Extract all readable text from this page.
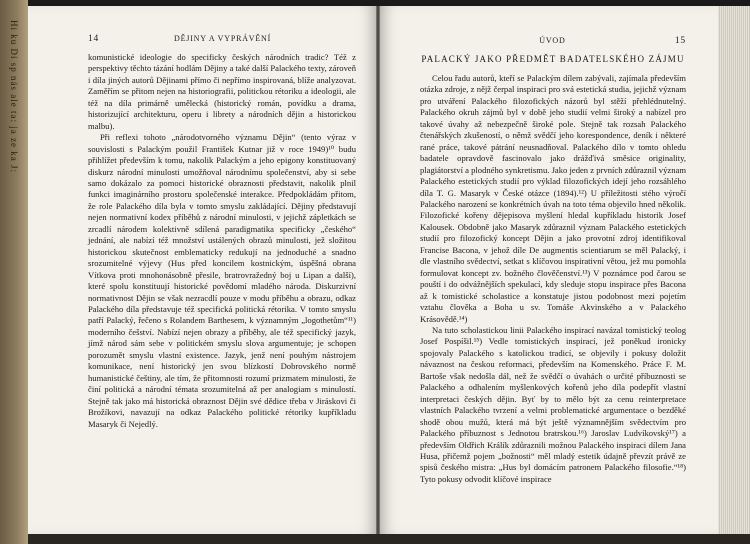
Hi ku Di sp nás ale ta: ja ze ka J:	14	DĚJINY A VYPRÁVĚNÍ

komunistické ideologie do specificky českých národních tradic? Též z perspektivy těchto tázání hodlám Dějiny a také další Palackého texty, zároveň i díla jiných autorů Dějinami přímo či nepřímo inspirovaná, blíže analyzovat. Zaměřím se přitom nejen na historiografii, politickou rétoriku a ideologii, ale též na díla primárně umělecká (historický román, povídku a drama, historizující architekturu, operu i librety a národních dějin a historickou malbu).

Při reflexi tohoto „národotvorného významu Dějin“ (tento výraz v souvislosti s Palackým použil František Kutnar již v roce 1949)¹⁰ budu přihlížet především k tomu, nakolik Palackým a jeho epigony konstituovaný diskurz národní minulosti umožňoval národnímu společenství, aby si sebe samo dokázalo za pomoci historické obraznosti představit, nakolik plnil funkci imaginárního prostoru společenské interakce. Předpokládám přitom, že role Palackého díla byla v tomto smyslu zakládající. Dějiny představují nejen normativní kodex příběhů z národní minulosti, v jejichž zápletkách se zrcadlí národem kolektivně sdílená paradigmatika specificky „českého“ jednání, ale nabízí též množství ustálených obrazů minulosti, jež složitou historickou skutečnost emblematicky redukují na jednoduché a snadno srozumitelné výjevy (Hus před koncilem kostnickým, úspěšná obrana Vítkova proti mnohonásobně přesile, bratrovražedný boj u Lipan a další), které spolu konstituují historické povědomí mladého národa. Diskurzivní normativnost Dějin se však nezracdlí pouze v modu příběhu a obrazu, odkaz Palackého díla představuje též specifická politická rétorika. V tomto smyslu patří Palacký, řečeno s Rolandem Barthesem, k významným „logothetům“¹¹) moderního češství. Nabízí nejen obrazy a příběhy, ale též specifický jazyk, jímž národ sám sebe v politickém smyslu slova argumentuje; je schopen porozumět smyslu vlastní existence. Jazyk, jenž není pouhým nástrojem komunikace, není historický jen svou blízkostí Dobrovského normě humanistické češtiny, ale tím, že přitomnosti rozumí prizmatem minulosti, že činí politická a národní témata srozumitelná až per analogiam s minulostí. Stejně tak jako má historická obraznost Dějin své dědice třeba v Jiráskovi či Brožíkovi, navazují na odkaz Palackého politické rétoriky kupříkladu Masaryk či Nejedlý.

ÚVOD	15
PALACKÝ JAKO PŘEDMĚT BADATELSKÉHO ZÁJMU

Celou řadu autorů, kteří se Palackým dílem zabývali, zajímala především otázka zdroje, z nějž čerpal inspiraci pro svá estetická studia, jejichž význam pro utváření Palackého filozofických názorů byl stěží přehlédnutelný. Palackého okruh zájmů byl v době jeho studií velmi široký a nabízel pro takové úvahy až nebezpečně široké pole. Stejně tak rozsah Palackého čtenářských zkušeností, o němž svědčí jeho korespondence, deník i některé rané práce, takové pátrání neusnadňoval. Palackého dílo v tomto ohledu badatele opravdově fascinovalo jako drážďivá směsice originality, plagiátorství a plodného synkretismu. Jako jeden z prvních zdůraznil význam Palackého estetických studií pro výklad filozofických idejí jeho rozsáhlého díla T. G. Masaryk v České otázce (1894).¹²) U příležitosti stého výročí Palackého narození se konkrétních úvah na toto téma objevilo hned několik. Filozofické kořeny dějepisova myšlení hledal kupříkladu historik Josef Kalousek. Obdobně jako Masaryk zdůraznil význam Palackého estetických studií pro filozofický koncept Dějin a jako provotní zdroj identifikoval Francise Bacona, v jehož díle De augmentis scientiarum se měl Palacký, i dle vlastního svědectví, setkat s klíčovou inspirativní větou, jež mu pomohla formulovat koncept zv. božného člověčenství.¹³) V poznámce pod čarou se pouští i do odvážnějších spekulací, kdy sleduje stopu inspirace přes Bacona až k tomistické scholastice a konstatuje jistou podobnost mezi pojetím vztahu člověka a Boha u sv. Tomáše Akvinského a v Palackého Krásovědě.¹⁴)

Na tuto scholastickou linii Palackého inspirací navázal tomistický teolog Josef Pospíšil.¹⁵) Vedle tomistických inspirací, jež poněkud ironicky spojovaly Palackého s katolickou tradicí, se objevily i pokusy doložit návaznost na českou reformaci, především na Komenského. Práce F. M. Bartoše však nedošla dál, než že svědčí o úvahách o určité příbuznosti se Palackého a odhalením myšlenkových kořenů jeho díla podepřít vlastní interpretaci českých dějin. Byť by to mělo být za cenu reinterpretace vlastních Palackého tvrzení a velmi problematické argumentace o bezděké shodě obou mužů, která má být ještě významnějším svědectvím pro Palackého příbuznost s Jednotou bratrskou.¹⁶) Jaroslav Ludvíkovský¹⁷) a především Oldřich Králík zdůraznili možnou Palackého inspiraci dílem Jana Husa, přičemž pojem „božnosti“ měl mladý estetik údajně převzít právě ze spisů českého mistra: „Hus byl domácím patronem Palackého filosofie.“¹⁸) Tyto pokusy odvodit klíčové inspirace
